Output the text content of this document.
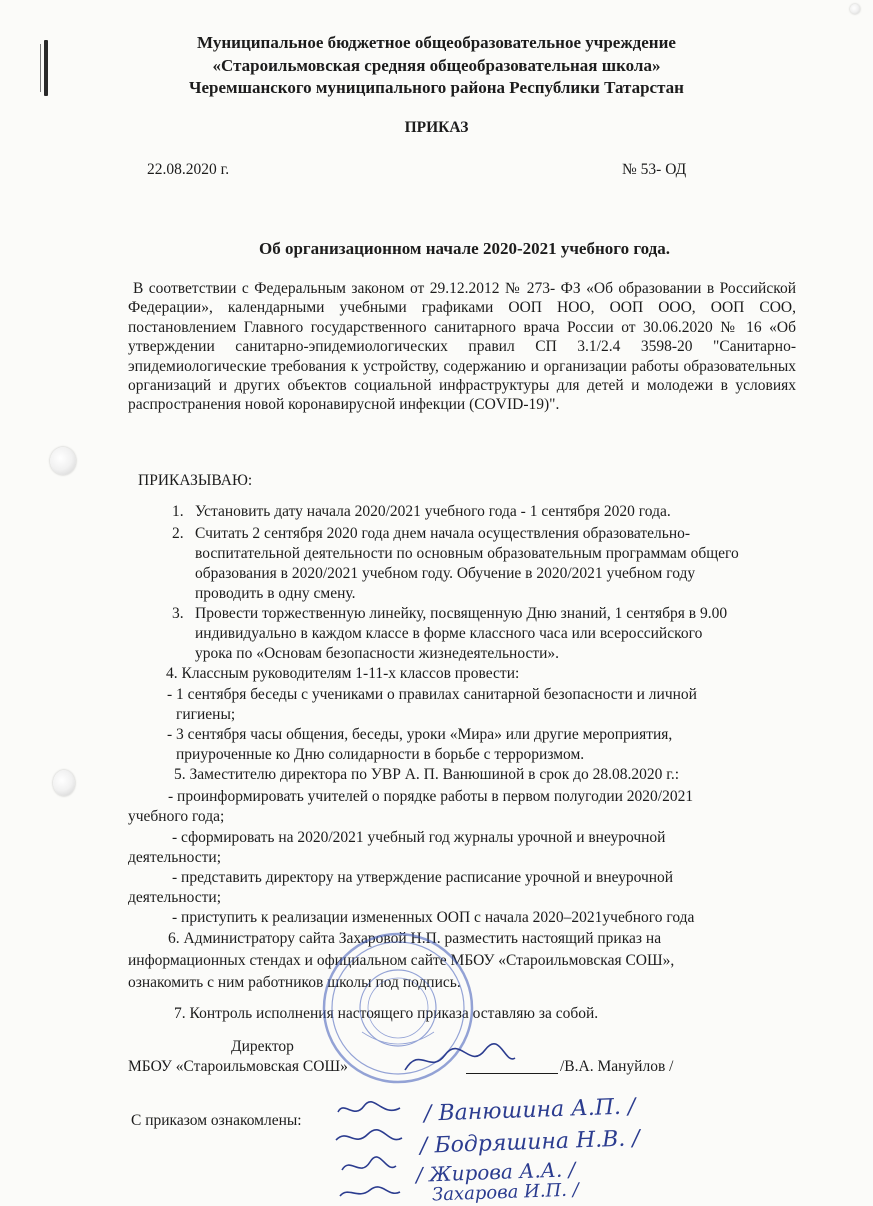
Муниципальное бюджетное общеобразовательное учреждение
«Староильмовская средняя общеобразовательная школа»
Черемшанского муниципального района Республики Татарстан
ПРИКАЗ
22.08.2020 г.	№ 53- ОД
Об организационном начале 2020-2021 учебного года.
В соответствии с Федеральным законом от 29.12.2012 № 273- ФЗ «Об образовании в Российской Федерации», календарными учебными графиками ООП НОО, ООП ООО, ООП СОО, постановлением Главного государственного санитарного врача России от 30.06.2020 № 16 «Об утверждении санитарно-эпидемиологических правил СП 3.1/2.4 3598-20 "Санитарно-эпидемиологические требования к устройству, содержанию и организации работы образовательных организаций и других объектов социальной инфраструктуры для детей и молодежи в условиях распространения новой коронавирусной инфекции (COVID-19)".
ПРИКАЗЫВАЮ:
1. Установить дату начала 2020/2021 учебного года - 1 сентября 2020 года.
2. Считать 2 сентября 2020 года днем начала осуществления образовательно-
воспитательной деятельности по основным образовательным программам общего
образования в 2020/2021 учебном году. Обучение в 2020/2021 учебном году
проводить в одну смену.
3. Провести торжественную линейку, посвященную Дню знаний, 1 сентября в 9.00
индивидуально в каждом классе в форме классного часа или всероссийского
урока по «Основам безопасности жизнедеятельности».
4. Классным руководителям 1-11-х классов провести:
- 1 сентября беседы с учениками о правилах санитарной безопасности и личной
гигиены;
- 3 сентября часы общения, беседы, уроки «Мира» или другие мероприятия,
приуроченные ко Дню солидарности в борьбе с терроризмом.
5. Заместителю директора по УВР А. П. Ванюшиной в срок до 28.08.2020 г.:
- проинформировать учителей о порядке работы в первом полугодии 2020/2021
учебного года;
- сформировать на 2020/2021 учебный год журналы урочной и внеурочной
деятельности;
- представить директору на утверждение расписание урочной и внеурочной
деятельности;
- приступить к реализации измененных ООП с начала 2020–2021учебного года
6. Администратору сайта Захаровой Н.П. разместить настоящий приказ на
информационных стендах и официальном сайте МБОУ «Староильмовская СОШ»,
ознакомить с ним работников школы под подпись.
7. Контроль исполнения настоящего приказа оставляю за собой.
Директор
МБОУ «Староильмовская СОШ»	/В.А. Мануйлов /
С приказом ознакомлены:	/ Ванюшина А.П. /
/ Бодряшина Н.В. /
/ Жирова А.А. /
Захарова И.П. /
